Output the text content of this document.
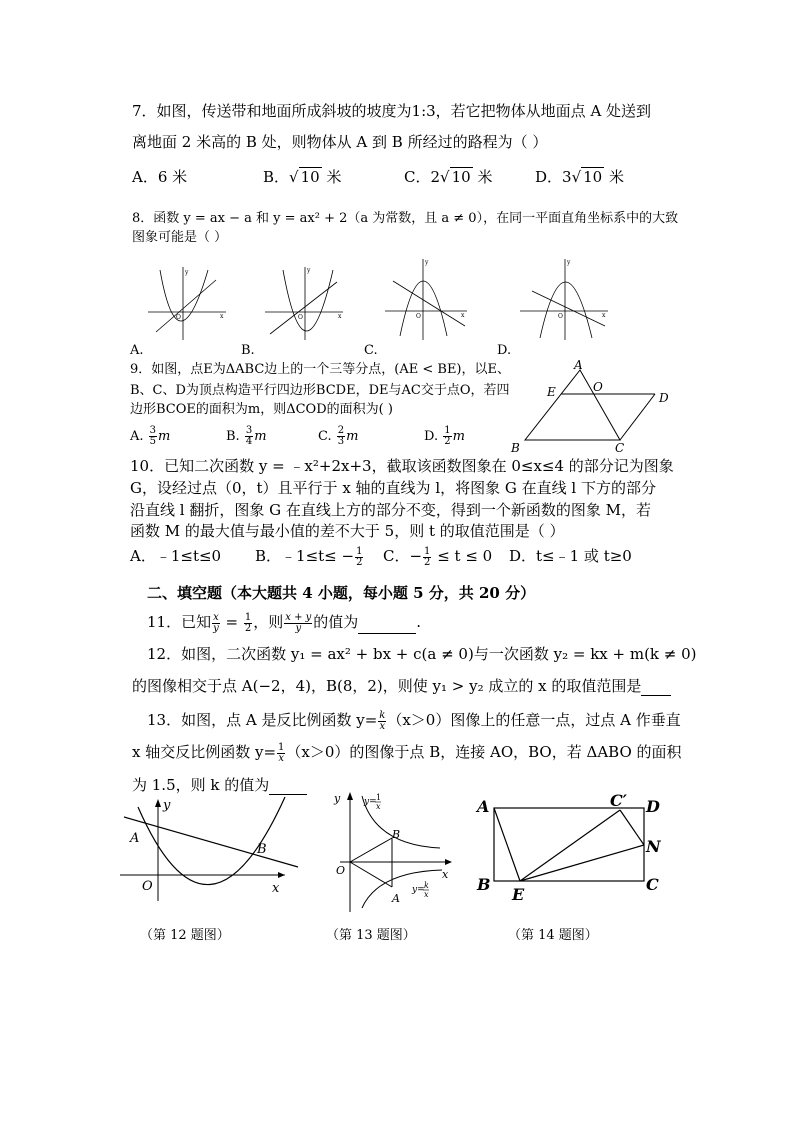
7．如图，传送带和地面所成斜坡的坡度为1:3，若它把物体从地面点 A 处送到
离地面 2 米高的 B 处，则物体从 A 到 B 所经过的路程为（ ）
A．6 米	B．√ 10 米	C．2√ 10 米	D．3√ 10 米
8．函数 y = ax − a 和 y = ax² + 2（a 为常数，且 a ≠ 0），在同一平面直角坐标系中的大致
图象可能是（ ）
y
x
O
y
x
O
y
x
O
y
x
O
A.	B.	C.	D.
9．如图，点E为ΔABC边上的一个三等分点，(AE < BE)，以E、
B、C、D为顶点构造平行四边形BCDE，DE与AC交于点O，若四
边形BCOE的面积为m，则ΔCOD的面积为( )
A. $\frac{3}{5}$ m	B. $\frac{3}{4}$ m	C. $\frac{2}{3}$ m	D. $\frac{1}{2}$ m
A
E	O
D
B	C
10．已知二次函数 y = ﹣x²+2x+3，截取该函数图象在 0≤x≤4 的部分记为图象
G，设经过点（0，t）且平行于 x 轴的直线为 l，将图象 G 在直线 l 下方的部分
沿直线 l 翻折，图象 G 在直线上方的部分不变，得到一个新函数的图象 M，若
函数 M 的最大值与最小值的差不大于 5，则 t 的取值范围是（ ）
A．﹣1≤t≤0 B．﹣1≤t≤ − $\frac{1}{2}$ C．− $\frac{1}{2} \le t \le 0$ D．t≤﹣1 或 t≥0
二、填空题（本大题共 4 小题，每小题 5 分，共 20 分）
11．已知 $\frac{x}{y} = \frac{1}{2}$ ，则 $\frac{x + y}{y}$ 的值为	.
12．如图，二次函数 y₁ = ax² + bx + c(a ≠ 0)与一次函数 y₂ = kx + m(k ≠ 0)
的图像相交于点 A(−2，4)，B(8，2)，则使 y₁ > y₂ 成立的 x 的取值范围是
13．如图，点 A 是反比例函数 $y= \frac{k}{x} (x>0)$图像上的任意一点，过点 A 作垂直
x 轴交反比例函数 $y= \frac{1}{x} (x>0)$的图像于点 B，连接 AO，BO，若 ΔABO 的面积
为 1.5，则 k 的值为
y
x
O
A
B
（第 12 题图）
y
x
O
B
A
y= 1
x
y= k
x
（第 13 题图）
A	C′ D
N
B
E
C
（第 14 题图）
